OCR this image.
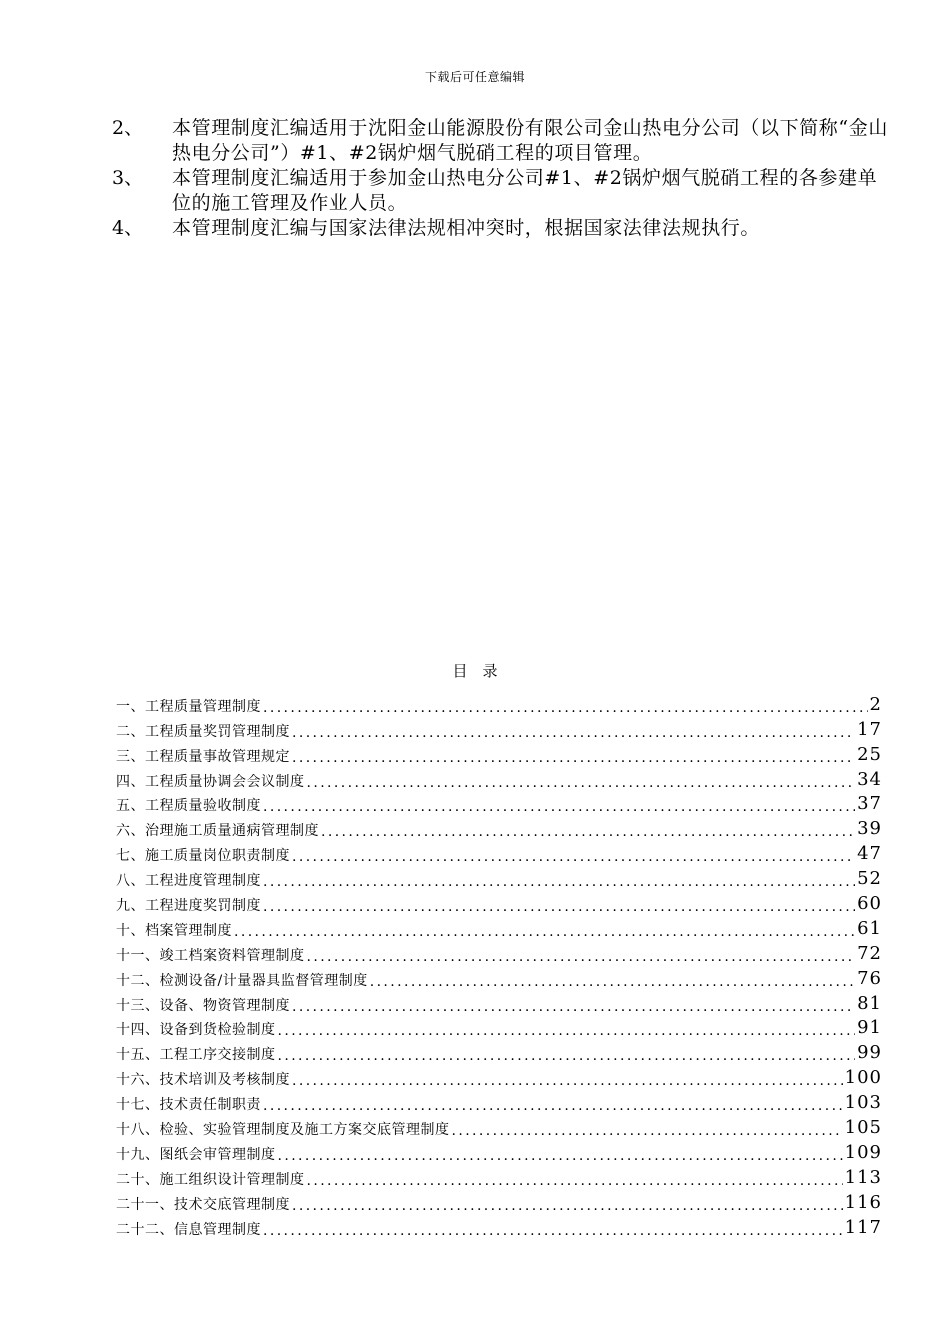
下载后可任意编辑
2、 本管理制度汇编适用于沈阳金山能源股份有限公司金山热电分公司（以下简称“金山热电分公司”）#1、#2锅炉烟气脱硝工程的项目管理。
3、 本管理制度汇编适用于参加金山热电分公司#1、#2锅炉烟气脱硝工程的各参建单位的施工管理及作业人员。
4、 本管理制度汇编与国家法律法规相冲突时，根据国家法律法规执行。
目　录
一、工程质量管理制度 .....	2
二、工程质量奖罚管理制度 .....	17
三、工程质量事故管理规定 .....	25
四、工程质量协调会会议制度 .....	34
五、工程质量验收制度 .....	37
六、治理施工质量通病管理制度 .....	39
七、施工质量岗位职责制度 .....	47
八、工程进度管理制度 .....	52
九、工程进度奖罚制度 .....	60
十、档案管理制度 .....	61
十一、竣工档案资料管理制度 .....	72
十二、检测设备/计量器具监督管理制度 .....	76
十三、设备、物资管理制度 .....	81
十四、设备到货检验制度 .....	91
十五、工程工序交接制度 .....	99
十六、技术培训及考核制度 .....	100
十七、技术责任制职责 .....	103
十八、检验、实验管理制度及施工方案交底管理制度 .....	105
十九、图纸会审管理制度 .....	109
二十、施工组织设计管理制度 .....	113
二十一、技术交底管理制度 .....	116
二十二、信息管理制度 .....	117
